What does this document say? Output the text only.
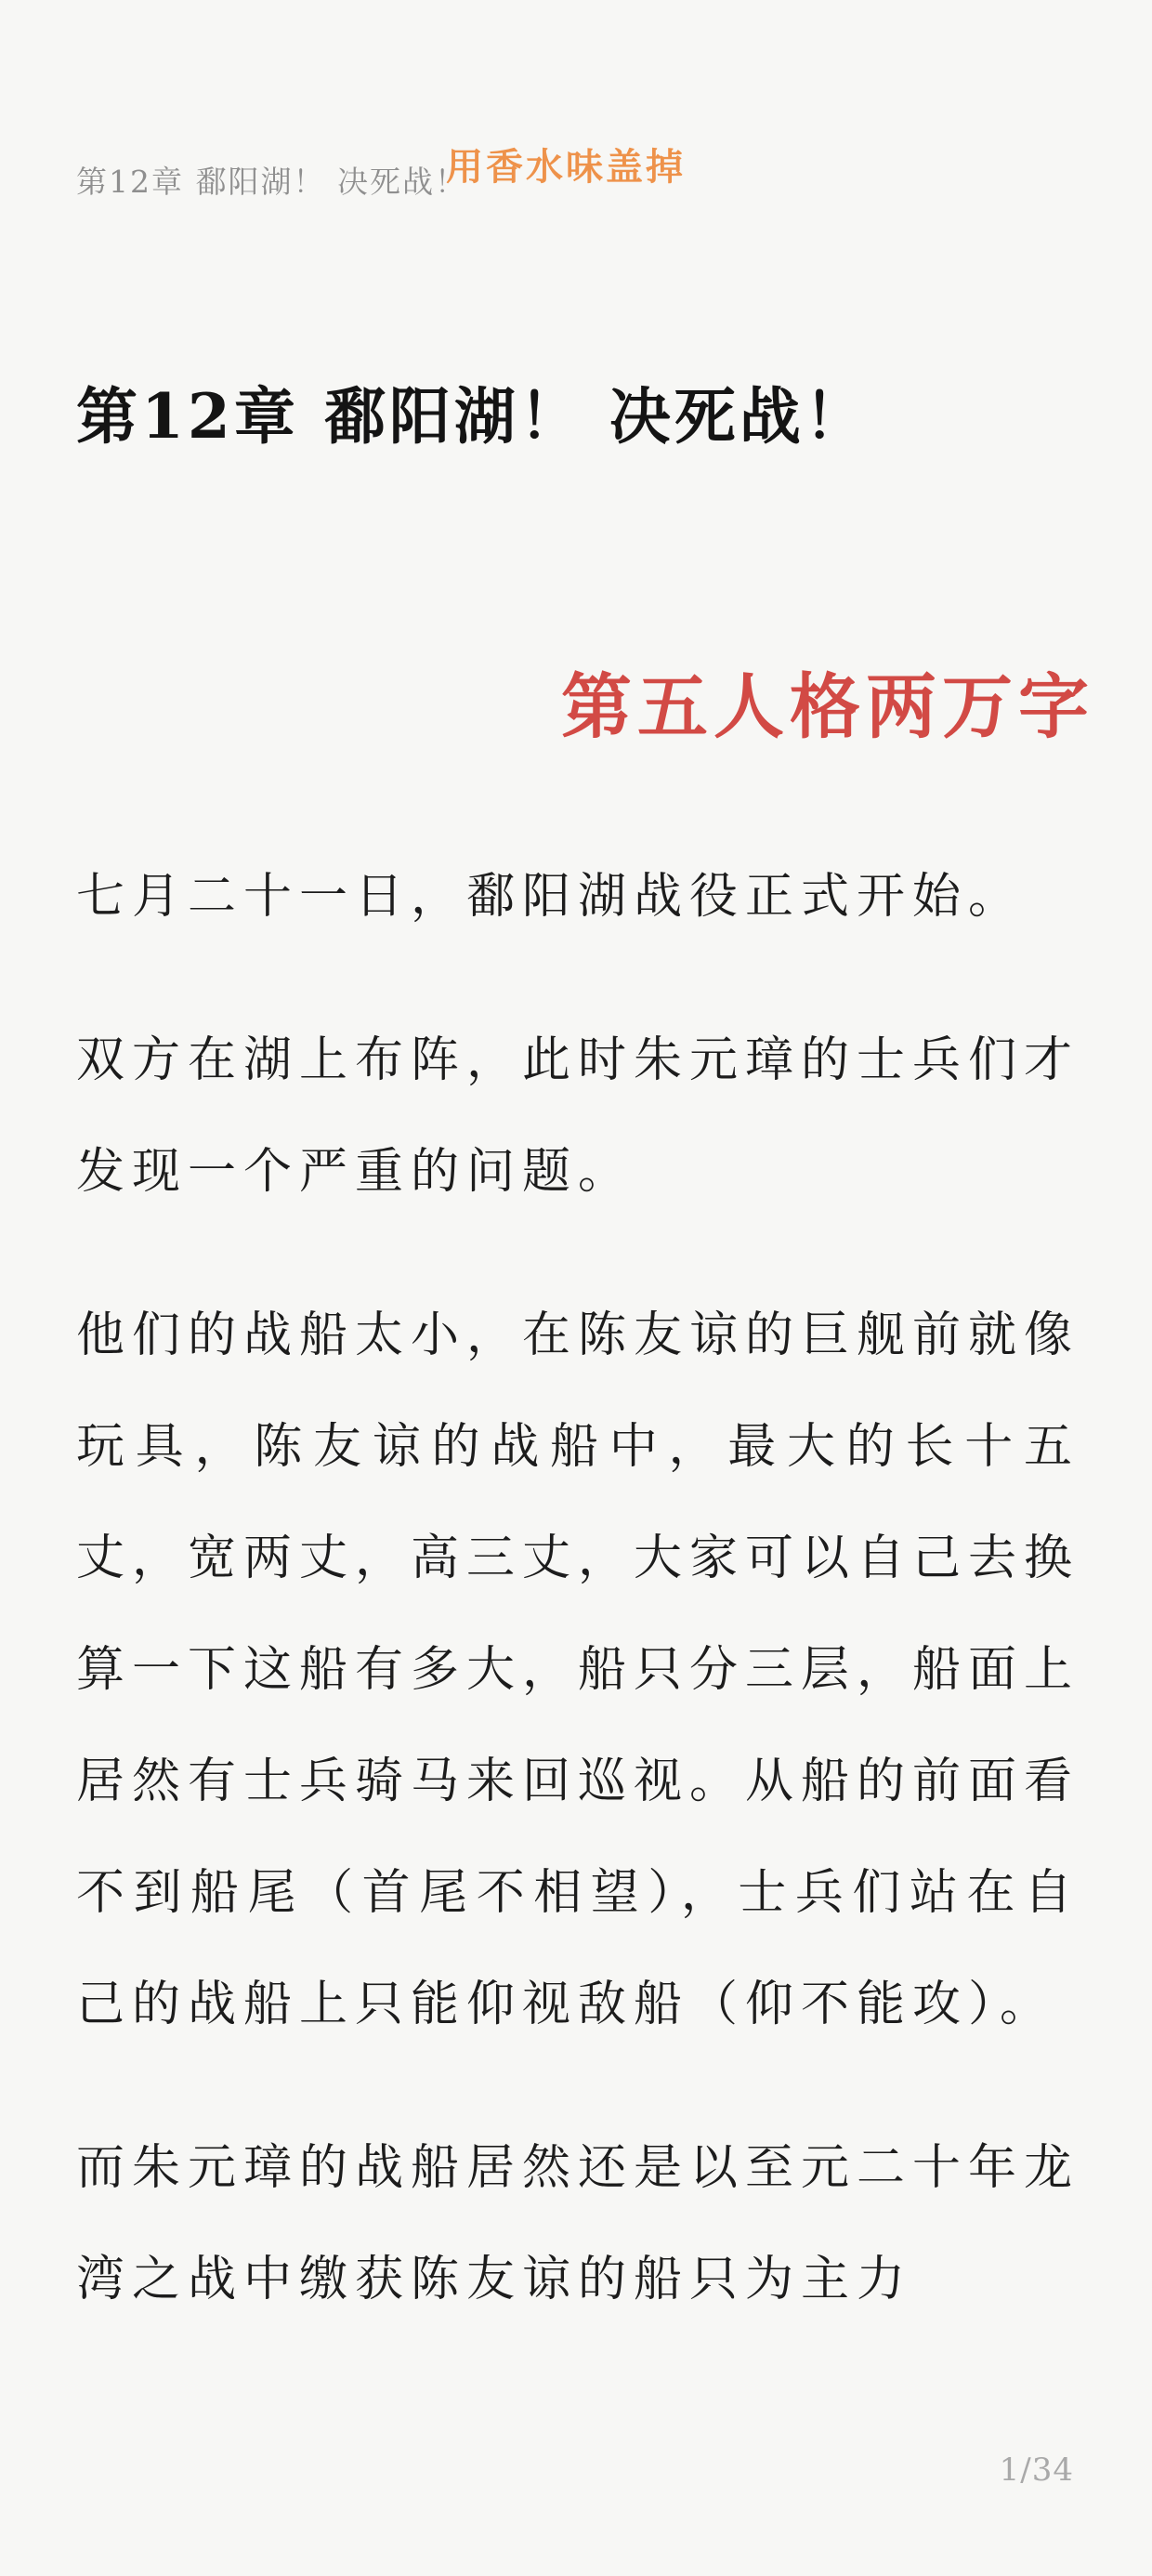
第12章 鄱阳湖！ 决死战！
用香水味盖掉
第12章 鄱阳湖！ 决死战！
第五人格两万字

七月二十一日，鄱阳湖战役正式开始。

双方在湖上布阵，此时朱元璋的士兵们才发现一个严重的问题。

他们的战船太小，在陈友谅的巨舰前就像玩具，陈友谅的战船中，最大的长十五丈，宽两丈，高三丈，大家可以自己去换算一下这船有多大，船只分三层，船面上居然有士兵骑马来回巡视。从船的前面看不到船尾（首尾不相望），士兵们站在自己的战船上只能仰视敌船（仰不能攻）。

而朱元璋的战船居然还是以至元二十年龙湾之战中缴获陈友谅的船只为主力

1/34
